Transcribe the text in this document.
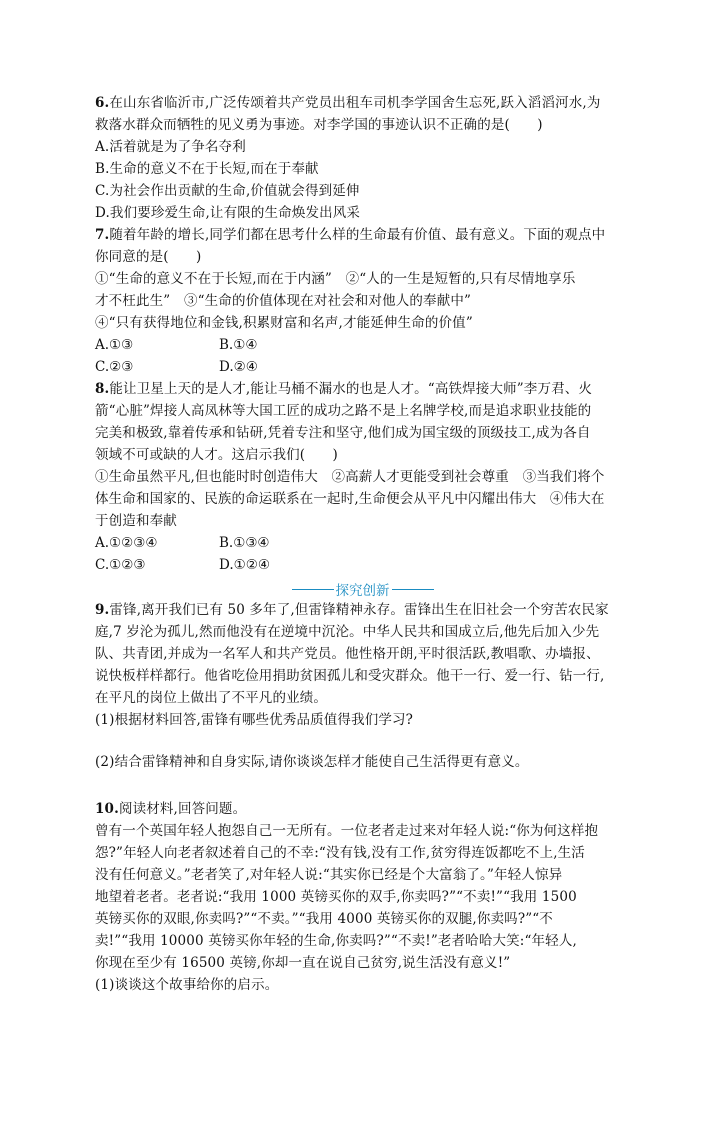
6.在山东省临沂市,广泛传颂着共产党员出租车司机李学国舍生忘死,跃入滔滔河水,为
救落水群众而牺牲的见义勇为事迹。对李学国的事迹认识不正确的是(　　)
A.活着就是为了争名夺利
B.生命的意义不在于长短,而在于奉献
C.为社会作出贡献的生命,价值就会得到延伸
D.我们要珍爱生命,让有限的生命焕发出风采
7.随着年龄的增长,同学们都在思考什么样的生命最有价值、最有意义。下面的观点中
你同意的是(　　)
①“生命的意义不在于长短,而在于内涵”　②“人的一生是短暂的,只有尽情地享乐
才不枉此生”　③“生命的价值体现在对社会和对他人的奉献中”
④“只有获得地位和金钱,积累财富和名声,才能延伸生命的价值”
A.①③	B.①④
C.②③	D.②④
8.能让卫星上天的是人才,能让马桶不漏水的也是人才。“高铁焊接大师”李万君、火
箭“心脏”焊接人高凤林等大国工匠的成功之路不是上名牌学校,而是追求职业技能的
完美和极致,靠着传承和钻研,凭着专注和坚守,他们成为国宝级的顶级技工,成为各自
领域不可或缺的人才。这启示我们(　　)
①生命虽然平凡,但也能时时创造伟大　②高薪人才更能受到社会尊重　③当我们将个
体生命和国家的、民族的命运联系在一起时,生命便会从平凡中闪耀出伟大　④伟大在
于创造和奉献
A.①②③④	B.①③④
C.①②③	D.①②④
探究创新
9.雷锋,离开我们已有 50 多年了,但雷锋精神永存。雷锋出生在旧社会一个穷苦农民家
庭,7 岁沦为孤儿,然而他没有在逆境中沉沦。中华人民共和国成立后,他先后加入少先
队、共青团,并成为一名军人和共产党员。他性格开朗,平时很活跃,教唱歌、办墙报、
说快板样样都行。他省吃俭用捐助贫困孤儿和受灾群众。他干一行、爱一行、钻一行,
在平凡的岗位上做出了不平凡的业绩。
(1)根据材料回答,雷锋有哪些优秀品质值得我们学习?
(2)结合雷锋精神和自身实际,请你谈谈怎样才能使自己生活得更有意义。
10.阅读材料,回答问题。
曾有一个英国年轻人抱怨自己一无所有。一位老者走过来对年轻人说:“你为何这样抱
怨?”年轻人向老者叙述着自己的不幸:“没有钱,没有工作,贫穷得连饭都吃不上,生活
没有任何意义。”老者笑了,对年轻人说:“其实你已经是个大富翁了。”年轻人惊异
地望着老者。老者说:“我用 1000 英镑买你的双手,你卖吗?”“不卖!”“我用 1500
英镑买你的双眼,你卖吗?”“不卖。”“我用 4000 英镑买你的双腿,你卖吗?”“不
卖!”“我用 10000 英镑买你年轻的生命,你卖吗?”“不卖!”老者哈哈大笑:“年轻人,
你现在至少有 16500 英镑,你却一直在说自己贫穷,说生活没有意义!”
(1)谈谈这个故事给你的启示。
